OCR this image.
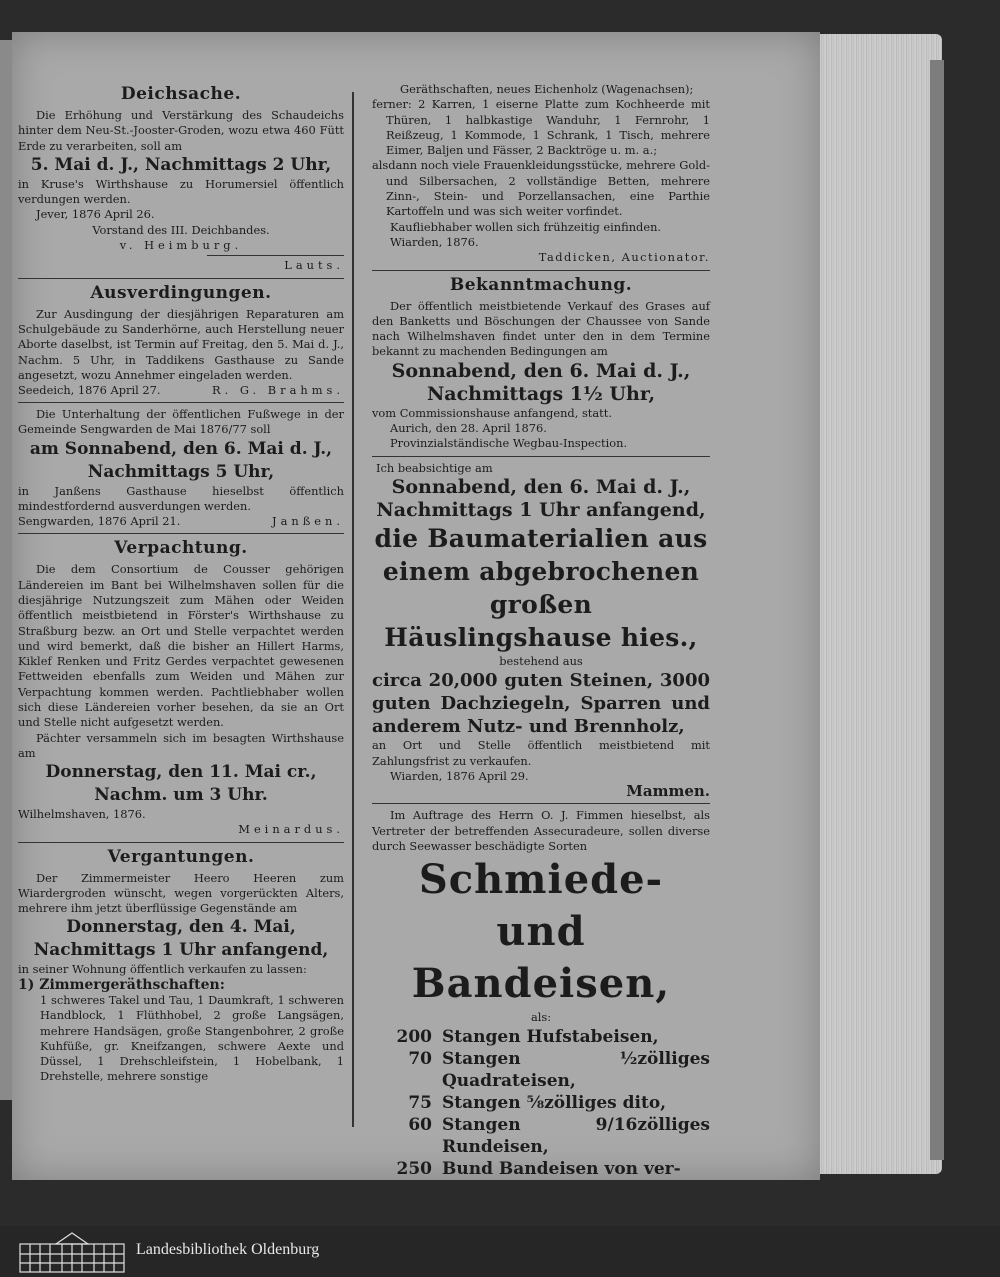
Deichsache.
Die Erhöhung und Verstärkung des Schaudeichs hinter dem Neu-St.-Jooster-Groden, wozu etwa 460 Fütt Erde zu verarbeiten, soll am
5. Mai d. J., Nachmittags 2 Uhr,
in Kruse's Wirthshause zu Horumersiel öffentlich verdungen werden.
Jever, 1876 April 26.
Vorstand des III. Deichbandes.
v. Heimburg.
Lauts.
Ausverdingungen.
Zur Ausdingung der diesjährigen Reparaturen am Schulgebäude zu Sanderhörne, auch Herstellung neuer Aborte daselbst, ist Termin auf Freitag, den 5. Mai d. J., Nachm. 5 Uhr, in Taddikens Gasthause zu Sande angesetzt, wozu Annehmer eingeladen werden.
Seedeich, 1876 April 27.	R. G. Brahms.
Die Unterhaltung der öffentlichen Fußwege in der Gemeinde Sengwarden de Mai 1876/77 soll
am Sonnabend, den 6. Mai d. J.,
Nachmittags 5 Uhr,
in Janßens Gasthause hieselbst öffentlich mindestfordernd ausverdungen werden.
Sengwarden, 1876 April 21.	Janßen.
Verpachtung.
Die dem Consortium de Cousser gehörigen Ländereien im Bant bei Wilhelmshaven sollen für die diesjährige Nutzungszeit zum Mähen oder Weiden öffentlich meistbietend in Förster's Wirthshause zu Straßburg bezw. an Ort und Stelle verpachtet werden und wird bemerkt, daß die bisher an Hillert Harms, Kiklef Renken und Fritz Gerdes verpachtet gewesenen Fettweiden ebenfalls zum Weiden und Mähen zur Verpachtung kommen werden. Pachtliebhaber wollen sich diese Ländereien vorher besehen, da sie an Ort und Stelle nicht aufgesetzt werden.
Pächter versammeln sich im besagten Wirthshause am
Donnerstag, den 11. Mai cr.,
Nachm. um 3 Uhr.
Wilhelmshaven, 1876.
Meinardus.
Vergantungen.
Der Zimmermeister Heero Heeren zum Wiardergroden wünscht, wegen vorgerückten Alters, mehrere ihm jetzt überflüssige Gegenstände am
Donnerstag, den 4. Mai,
Nachmittags 1 Uhr anfangend,
in seiner Wohnung öffentlich verkaufen zu lassen:
1) Zimmergeräthschaften:
1 schweres Takel und Tau, 1 Daumkraft, 1 schweren Handblock, 1 Flüthhobel, 2 große Langsägen, mehrere Handsägen, große Stangenbohrer, 2 große Kuhfüße, gr. Kneifzangen, schwere Aexte und Düssel, 1 Drehschleifstein, 1 Hobelbank, 1 Drehstelle, mehrere sonstige
Geräthschaften, neues Eichenholz (Wagenachsen);
ferner: 2 Karren, 1 eiserne Platte zum Kochheerde mit Thüren, 1 halbkastige Wanduhr, 1 Fernrohr, 1 Reißzeug, 1 Kommode, 1 Schrank, 1 Tisch, mehrere Eimer, Baljen und Fässer, 2 Backtröge u. m. a.;
alsdann noch viele Frauenkleidungsstücke, mehrere Gold- und Silbersachen, 2 vollständige Betten, mehrere Zinn-, Stein- und Porzellansachen, eine Parthie Kartoffeln und was sich weiter vorfindet.
Kaufliebhaber wollen sich frühzeitig einfinden.
Wiarden, 1876.
Taddicken, Auctionator.
Bekanntmachung.
Der öffentlich meistbietende Verkauf des Grases auf den Banketts und Böschungen der Chaussee von Sande nach Wilhelmshaven findet unter den in dem Termine bekannt zu machenden Bedingungen am
Sonnabend, den 6. Mai d. J.,
Nachmittags 1½ Uhr,
vom Commissionshause anfangend, statt.
Aurich, den 28. April 1876.
Provinzialständische Wegbau-Inspection.
Ich beabsichtige am
Sonnabend, den 6. Mai d. J.,
Nachmittags 1 Uhr anfangend,
die Baumaterialien aus
einem abgebrochenen großen
Häuslingshause hies.,
bestehend aus
circa 20,000 guten Steinen, 3000 guten Dachziegeln, Sparren und anderem Nutz- und Brennholz,
an Ort und Stelle öffentlich meistbietend mit Zahlungsfrist zu verkaufen.
Wiarden, 1876 April 29.
Mammen.
Im Auftrage des Herrn O. J. Fimmen hieselbst, als Vertreter der betreffenden Assecuradeure, sollen diverse durch Seewasser beschädigte Sorten
Schmiede- und
Bandeisen,
als:
200 Stangen Hufstabeisen,
70 Stangen ½zölliges Quadrateisen,
75 Stangen ⅝zölliges dito,
60 Stangen 9/16zölliges Rundeisen,
250 Bund Bandeisen von ver-
Landesbibliothek Oldenburg
